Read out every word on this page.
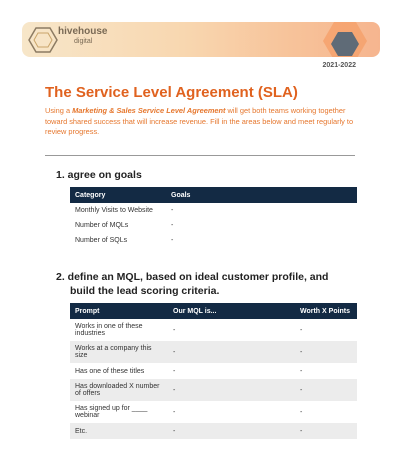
hivehouse
digital
2021-2022
The Service Level Agreement (SLA)
Using a Marketing & Sales Service Level Agreement will get both teams working together toward shared success that will increase revenue. Fill in the areas below and meet regularly to review progress.
1. agree on goals
Category	Goals
Monthly Visits to Website	-
Number of MQLs	-
Number of SQLs	-
2. define an MQL, based on ideal customer profile, and
build the lead scoring criteria.
Prompt	Our MQL is...	Worth X Points
Works in one of these industries	-	-
Works at a company this size	-	-
Has one of these titles	-	-
Has downloaded X number of offers	-	-
Has signed up for ____ webinar	-	-
Etc.	-	-
